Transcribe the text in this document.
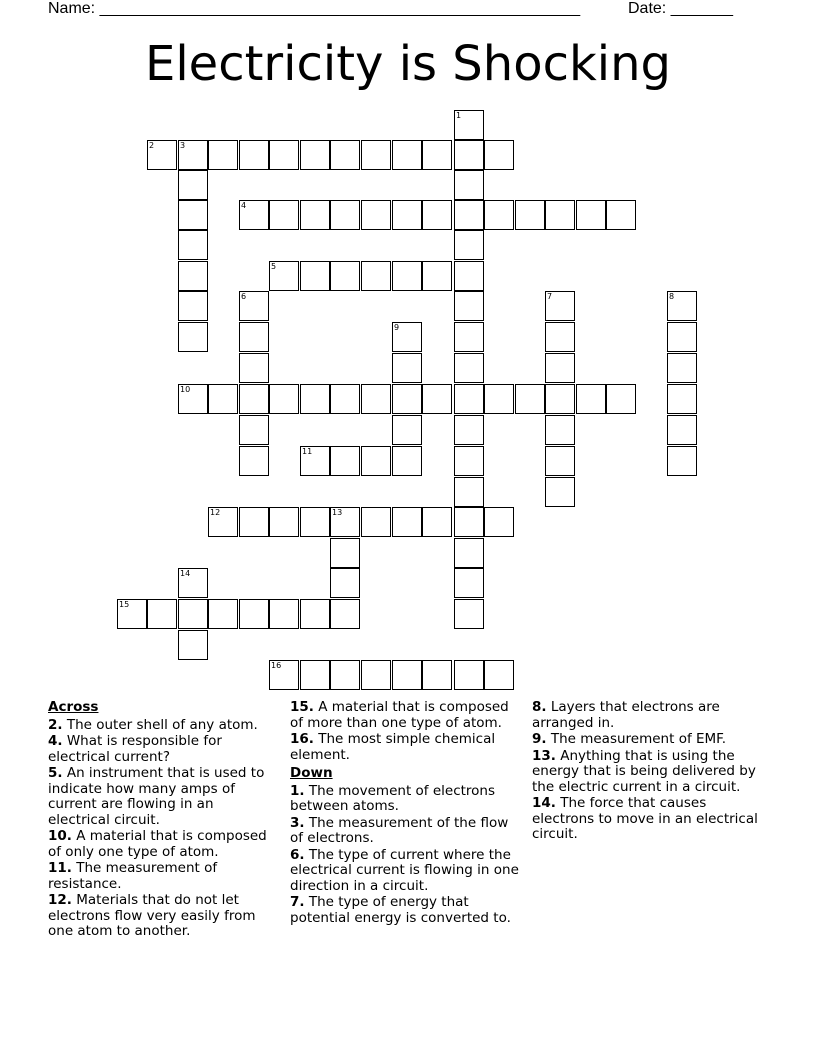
Name: ______________________________________________________	Date: _______
Electricity is Shocking
1
2	3
4
5
6	7	8
9
10
11
12	13
14
15
16
Across
2. The outer shell of any atom.
4. What is responsible for electrical current?
5. An instrument that is used to indicate how many amps of current are flowing in an electrical circuit.
10. A material that is composed of only one type of atom.
11. The measurement of resistance.
12. Materials that do not let electrons flow very easily from one atom to another.
15. A material that is composed of more than one type of atom.
16. The most simple chemical element.
Down
1. The movement of electrons between atoms.
3. The measurement of the flow of electrons.
6. The type of current where the electrical current is flowing in one direction in a circuit.
7. The type of energy that potential energy is converted to.
8. Layers that electrons are arranged in.
9. The measurement of EMF.
13. Anything that is using the energy that is being delivered by the electric current in a circuit.
14. The force that causes electrons to move in an electrical circuit.
